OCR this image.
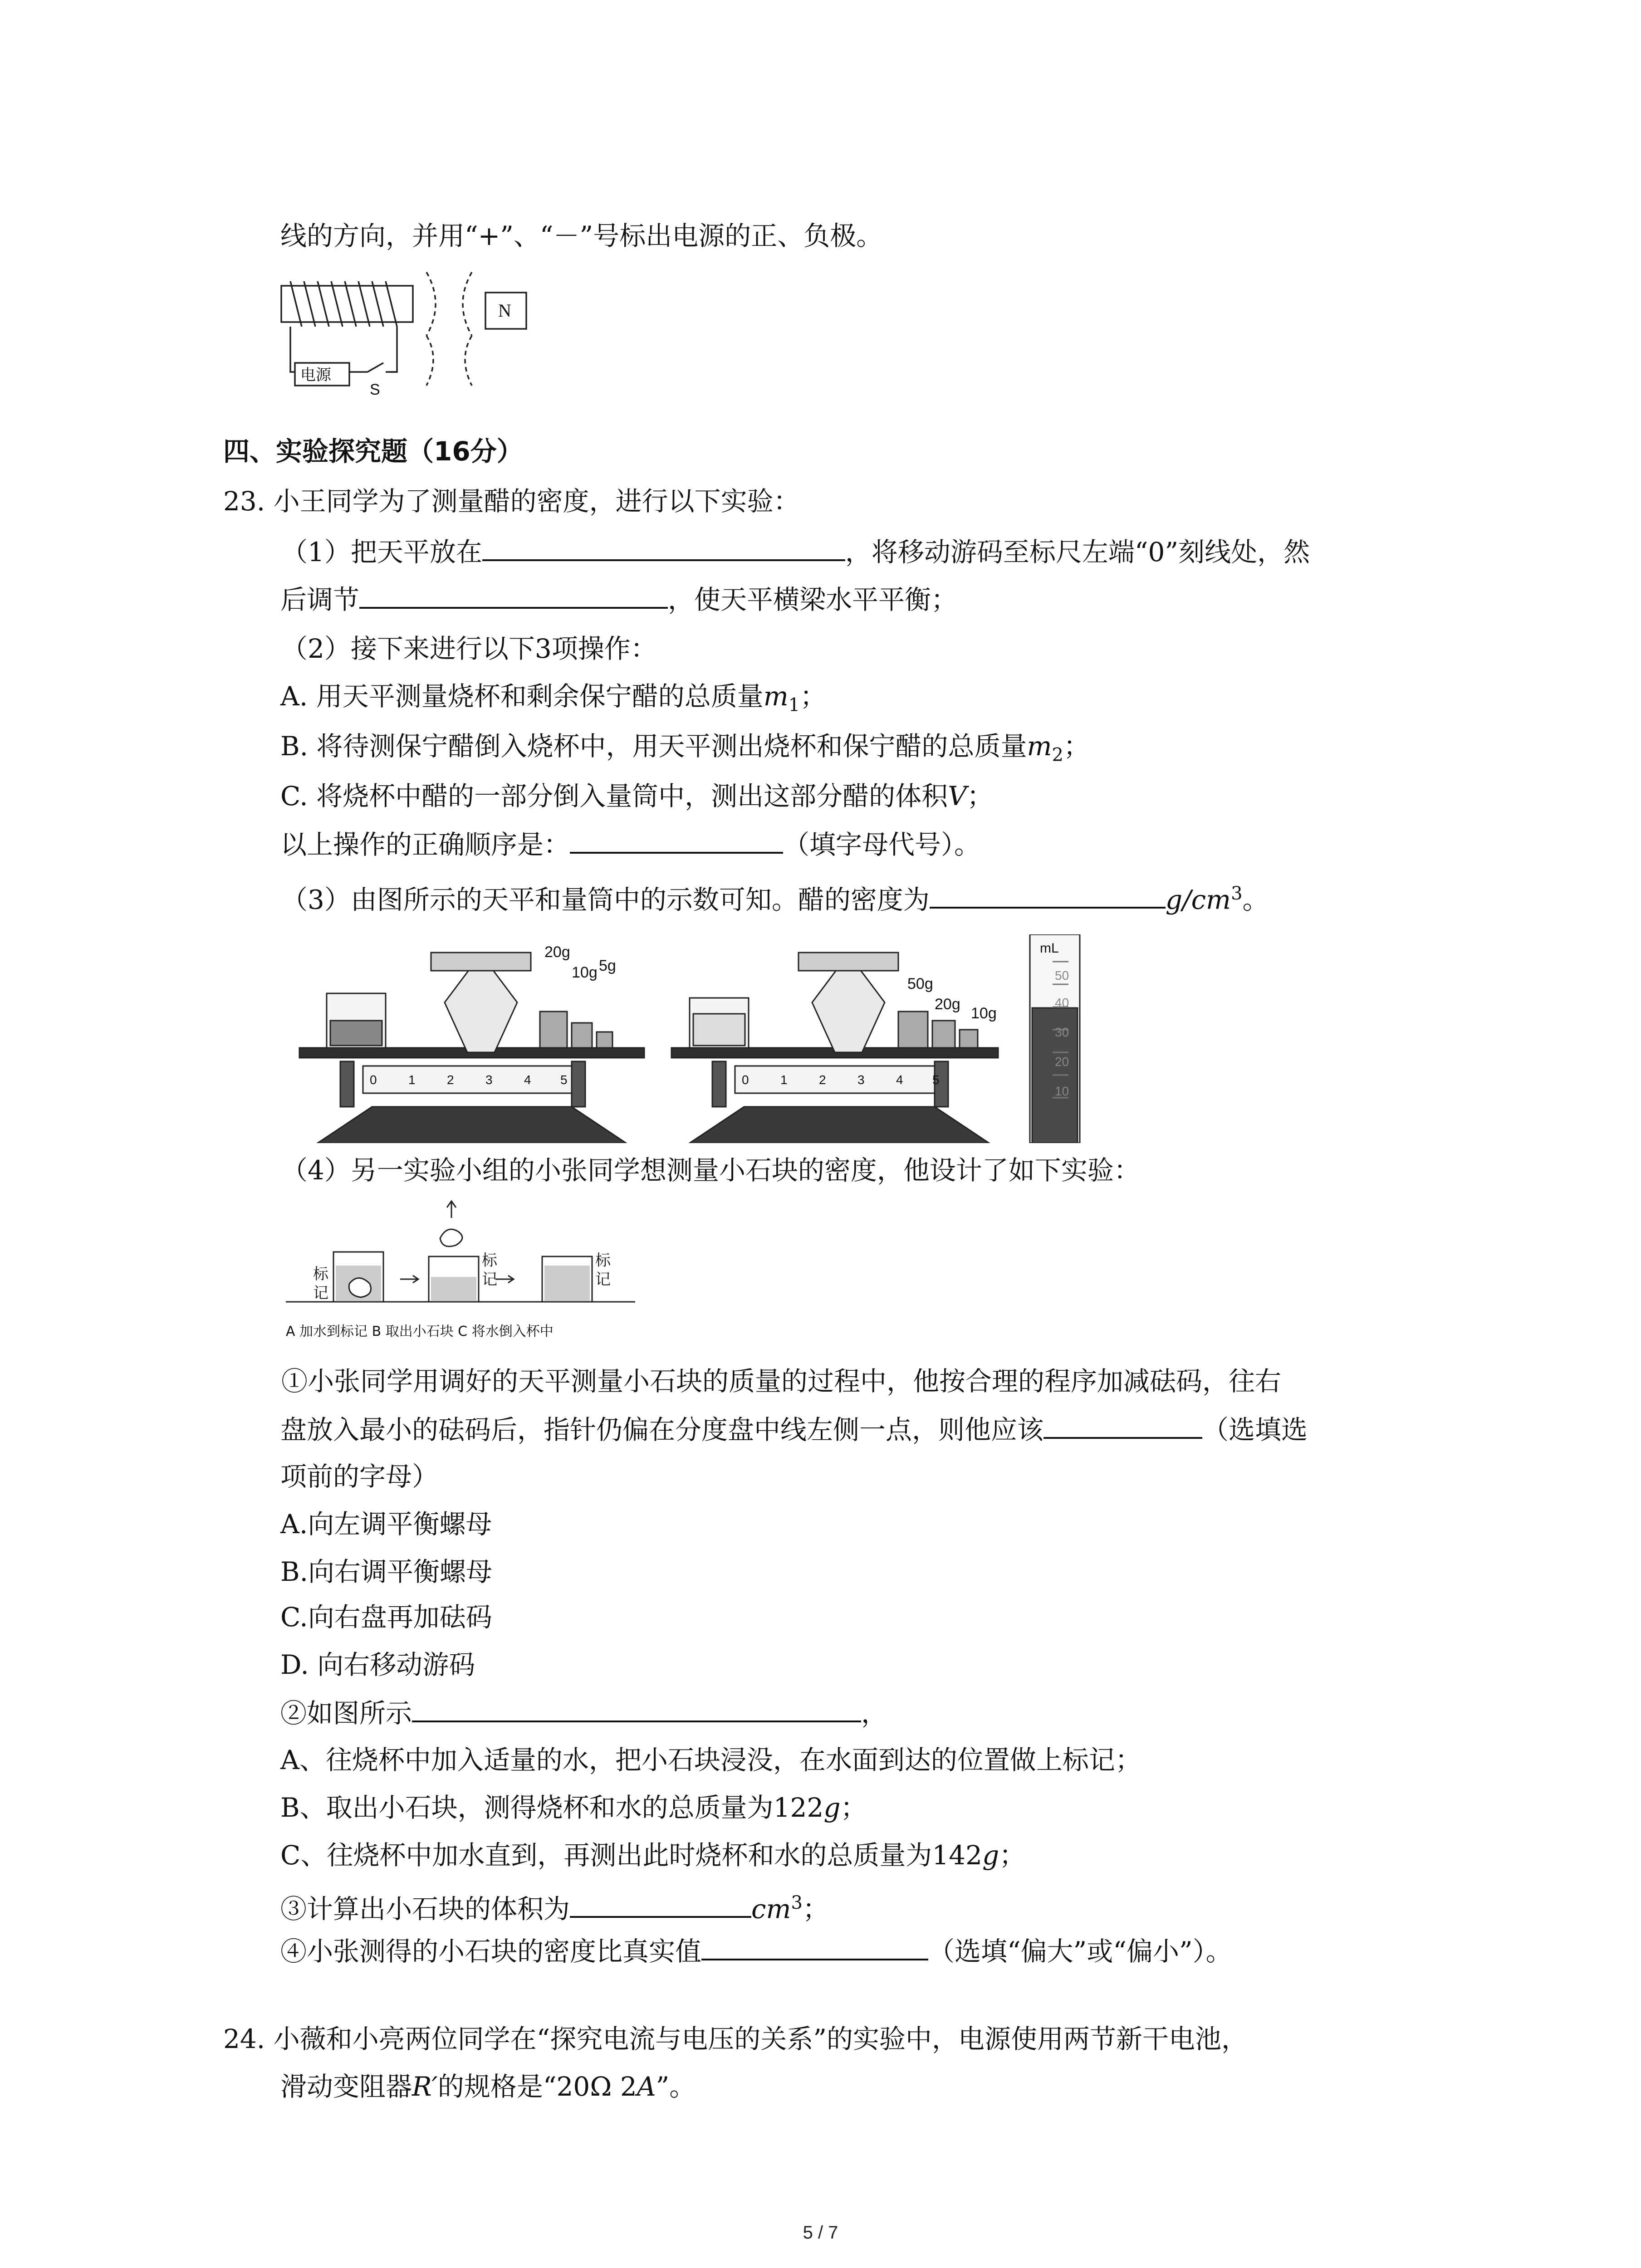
线的方向，并用“+”、“－”号标出电源的正、负极。
电源
S
N
四、实验探究题（16分）
23. 小王同学为了测量醋的密度，进行以下实验：
（1）把天平放在	，将移动游码至标尺左端“0”刻线处，然
后调节	，使天平横梁水平平衡；
（2）接下来进行以下3项操作：
A. 用天平测量烧杯和剩余保宁醋的总质量$m_1$；
B. 将待测保宁醋倒入烧杯中，用天平测出烧杯和保宁醋的总质量$m_2$；
C. 将烧杯中醋的一部分倒入量筒中，测出这部分醋的体积V；
以上操作的正确顺序是：	（填字母代号）。
（3）由图所示的天平和量筒中的示数可知。醋的密度为	$g/cm^3$。
0 1 2 3 4 5
20g
10g 5g
0 1 2 3 4 5
50g
20g
10g
mL
50
40
30
20
10
（4）另一实验小组的小张同学想测量小石块的密度，他设计了如下实验：
标
记
标
记
标
记
A 加水到标记 B 取出小石块 C 将水倒入杯中
①小张同学用调好的天平测量小石块的质量的过程中，他按合理的程序加减砝码，往右
盘放入最小的砝码后，指针仍偏在分度盘中线左侧一点，则他应该	（选填选
项前的字母）
A.向左调平衡螺母
B.向右调平衡螺母
C.向右盘再加砝码
D. 向右移动游码
②如图所示	，
A、往烧杯中加入适量的水，把小石块浸没，在水面到达的位置做上标记；
B、取出小石块，测得烧杯和水的总质量为122g；
C、往烧杯中加水直到，再测出此时烧杯和水的总质量为142g；
③计算出小石块的体积为	$cm^3$；
④小张测得的小石块的密度比真实值	（选填“偏大”或“偏小”）。
24. 小薇和小亮两位同学在“探究电流与电压的关系”的实验中，电源使用两节新干电池，
滑动变阻器R′的规格是“20Ω 2A”。
5 / 7
